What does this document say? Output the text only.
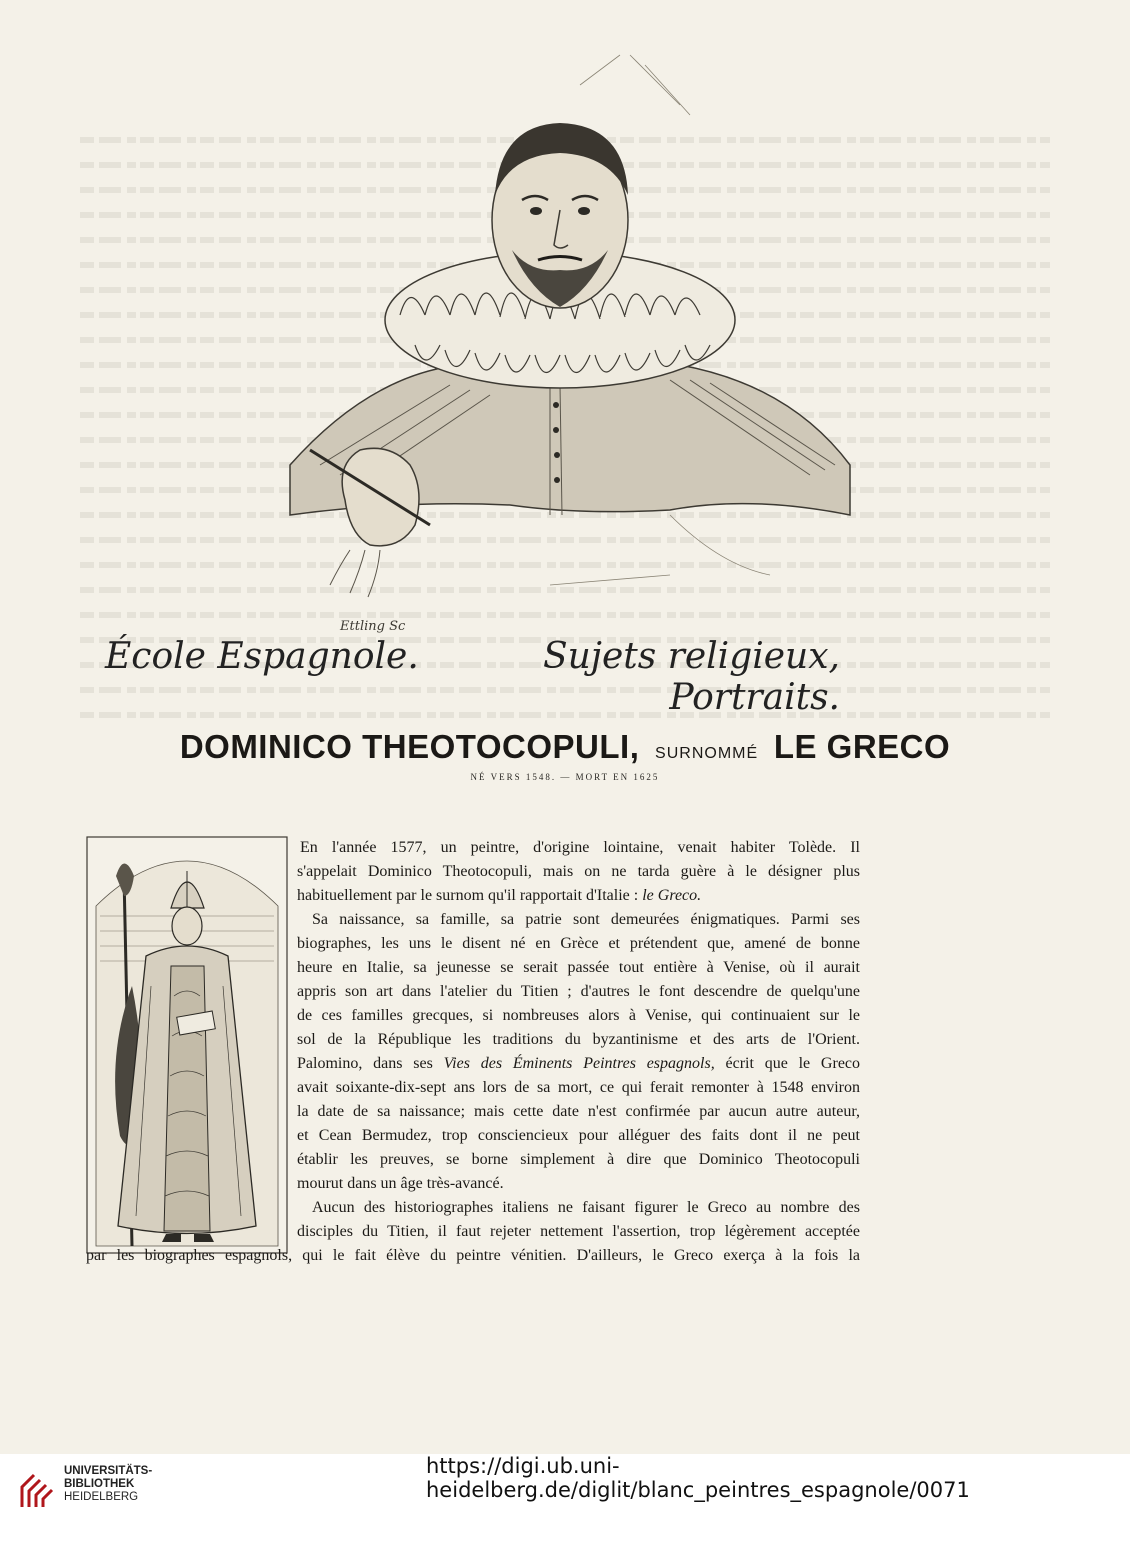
Ettling Sc
École Espagnole.	Sujets religieux, Portraits.
DOMINICO THEOTOCOPULI, SURNOMMÉ LE GRECO
NÉ VERS 1548. — MORT EN 1625
En l'année 1577, un peintre, d'origine lointaine, venait habiter Tolède. Il
s'appelait Dominico Theotocopuli, mais on ne tarda guère à le désigner plus
habituellement par le surnom qu'il rapportait d'Italie : le Greco.
Sa naissance, sa famille, sa patrie sont demeurées énigmatiques. Parmi ses
biographes, les uns le disent né en Grèce et prétendent que, amené de bonne
heure en Italie, sa jeunesse se serait passée tout entière à Venise, où il aurait
appris son art dans l'atelier du Titien ; d'autres le font descendre de quelqu'une
de ces familles grecques, si nombreuses alors à Venise, qui continuaient sur le
sol de la République les traditions du byzantinisme et des arts de l'Orient.
Palomino, dans ses Vies des Éminents Peintres espagnols, écrit que le Greco
avait soixante-dix-sept ans lors de sa mort, ce qui ferait remonter à 1548 environ
la date de sa naissance; mais cette date n'est confirmée par aucun autre auteur,
et Cean Bermudez, trop consciencieux pour alléguer des faits dont il ne peut
établir les preuves, se borne simplement à dire que Dominico Theotocopuli
mourut dans un âge très-avancé.
Aucun des historiographes italiens ne faisant figurer le Greco au nombre des
disciples du Titien, il faut rejeter nettement l'assertion, trop légèrement acceptée
par les biographes espagnols, qui le fait élève du peintre vénitien. D'ailleurs, le Greco exerça à la fois la
UNIVERSITÄTS-
BIBLIOTHEK
HEIDELBERG
https://digi.ub.uni-heidelberg.de/diglit/blanc_peintres_espagnole/0071
